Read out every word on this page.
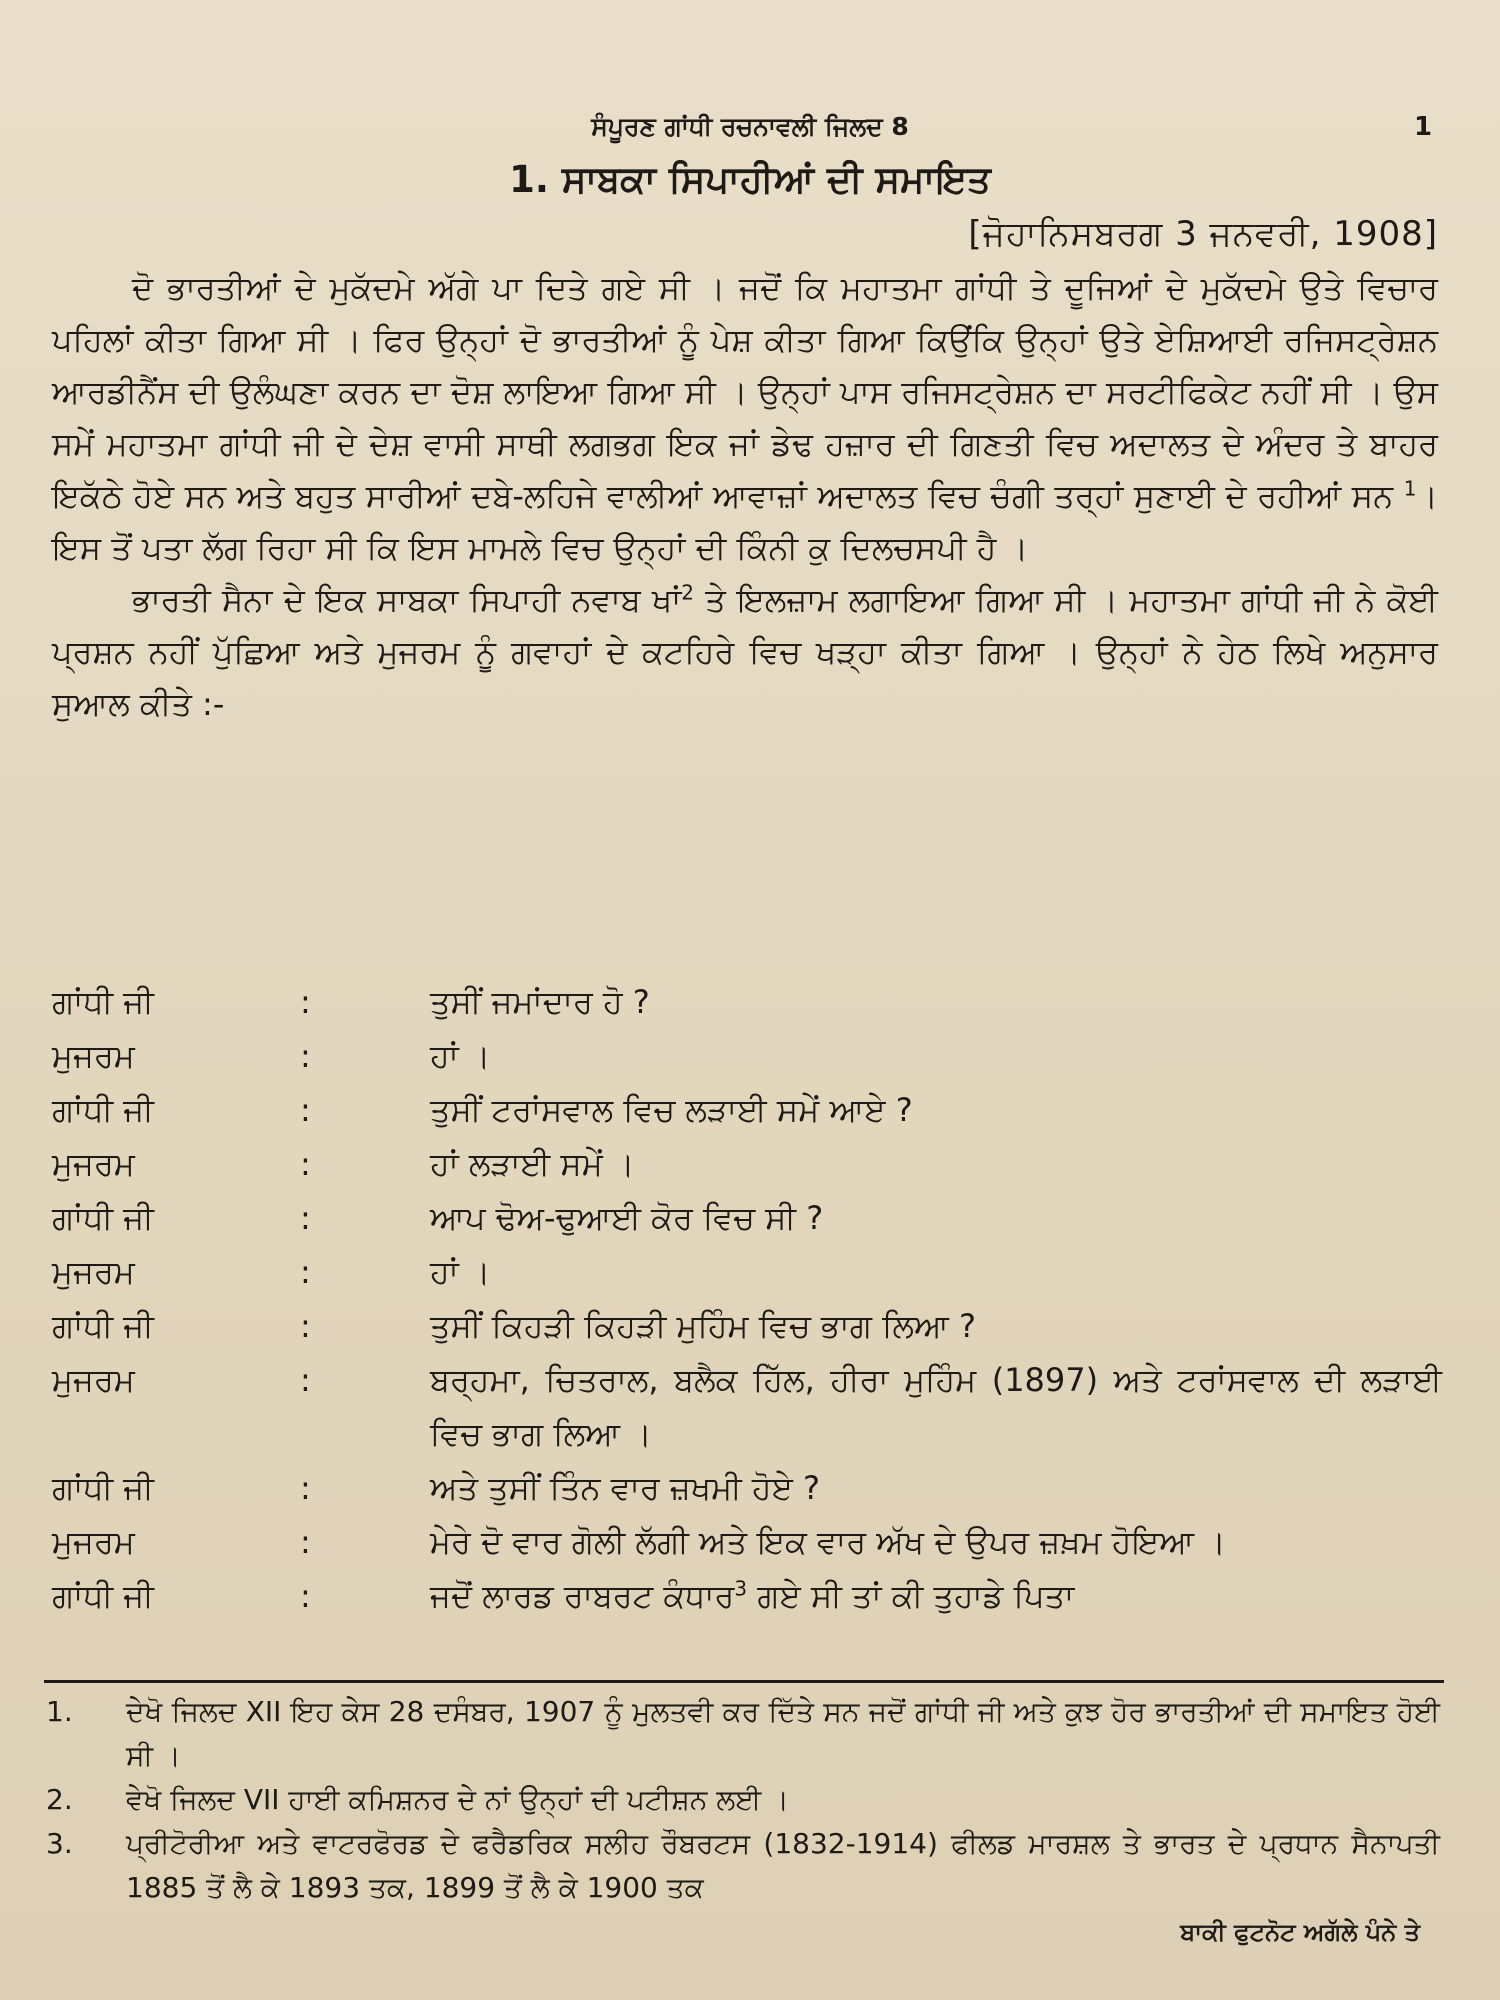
ਸੰਪੂਰਣ ਗਾਂਧੀ ਰਚਨਾਵਲੀ ਜਿਲਦ 8	1
1. ਸਾਬਕਾ ਸਿਪਾਹੀਆਂ ਦੀ ਸਮਾਇਤ
[ਜੋਹਾਨਿਸਬਰਗ 3 ਜਨਵਰੀ, 1908]

ਦੋ ਭਾਰਤੀਆਂ ਦੇ ਮੁਕੱਦਮੇ ਅੱਗੇ ਪਾ ਦਿਤੇ ਗਏ ਸੀ । ਜਦੋਂ ਕਿ ਮਹਾਤਮਾ ਗਾਂਧੀ ਤੇ ਦੂਜਿਆਂ ਦੇ ਮੁਕੱਦਮੇ ਉਤੇ ਵਿਚਾਰ ਪਹਿਲਾਂ ਕੀਤਾ ਗਿਆ ਸੀ । ਫਿਰ ਉਨ੍ਹਾਂ ਦੋ ਭਾਰਤੀਆਂ ਨੂੰ ਪੇਸ਼ ਕੀਤਾ ਗਿਆ ਕਿਉਂਕਿ ਉਨ੍ਹਾਂ ਉਤੇ ਏਸ਼ਿਆਈ ਰਜਿਸਟ੍ਰੇਸ਼ਨ ਆਰਡੀਨੈਂਸ ਦੀ ਉਲੰਘਣਾ ਕਰਨ ਦਾ ਦੋਸ਼ ਲਾਇਆ ਗਿਆ ਸੀ । ਉਨ੍ਹਾਂ ਪਾਸ ਰਜਿਸਟ੍ਰੇਸ਼ਨ ਦਾ ਸਰਟੀਫਿਕੇਟ ਨਹੀਂ ਸੀ । ਉਸ ਸਮੇਂ ਮਹਾਤਮਾ ਗਾਂਧੀ ਜੀ ਦੇ ਦੇਸ਼ ਵਾਸੀ ਸਾਥੀ ਲਗਭਗ ਇਕ ਜਾਂ ਡੇਢ ਹਜ਼ਾਰ ਦੀ ਗਿਣਤੀ ਵਿਚ ਅਦਾਲਤ ਦੇ ਅੰਦਰ ਤੇ ਬਾਹਰ ਇਕੱਠੇ ਹੋਏ ਸਨ ਅਤੇ ਬਹੁਤ ਸਾਰੀਆਂ ਦਬੇ-ਲਹਿਜੇ ਵਾਲੀਆਂ ਆਵਾਜ਼ਾਂ ਅਦਾਲਤ ਵਿਚ ਚੰਗੀ ਤਰ੍ਹਾਂ ਸੁਣਾਈ ਦੇ ਰਹੀਆਂ ਸਨ $^1$। ਇਸ ਤੋਂ ਪਤਾ ਲੱਗ ਰਿਹਾ ਸੀ ਕਿ ਇਸ ਮਾਮਲੇ ਵਿਚ ਉਨ੍ਹਾਂ ਦੀ ਕਿੰਨੀ ਕੁ ਦਿਲਚਸਪੀ ਹੈ ।

ਭਾਰਤੀ ਸੈਨਾ ਦੇ ਇਕ ਸਾਬਕਾ ਸਿਪਾਹੀ ਨਵਾਬ ਖਾਂ$^2$ ਤੇ ਇਲਜ਼ਾਮ ਲਗਾਇਆ ਗਿਆ ਸੀ । ਮਹਾਤਮਾ ਗਾਂਧੀ ਜੀ ਨੇ ਕੋਈ ਪ੍ਰਸ਼ਨ ਨਹੀਂ ਪੁੱਛਿਆ ਅਤੇ ਮੁਜਰਮ ਨੂੰ ਗਵਾਹਾਂ ਦੇ ਕਟਹਿਰੇ ਵਿਚ ਖੜ੍ਹਾ ਕੀਤਾ ਗਿਆ । ਉਨ੍ਹਾਂ ਨੇ ਹੇਠ ਲਿਖੇ ਅਨੁਸਾਰ ਸੁਆਲ ਕੀਤੇ :-

ਗਾਂਧੀ ਜੀ	:	ਤੁਸੀਂ ਜਮਾਂਦਾਰ ਹੋ ?
ਮੁਜਰਮ	:	ਹਾਂ ।
ਗਾਂਧੀ ਜੀ	:	ਤੁਸੀਂ ਟਰਾਂਸਵਾਲ ਵਿਚ ਲੜਾਈ ਸਮੇਂ ਆਏ ?
ਮੁਜਰਮ	:	ਹਾਂ ਲੜਾਈ ਸਮੇਂ ।
ਗਾਂਧੀ ਜੀ	:	ਆਪ ਢੋਅ-ਢੁਆਈ ਕੋਰ ਵਿਚ ਸੀ ?
ਮੁਜਰਮ	:	ਹਾਂ ।
ਗਾਂਧੀ ਜੀ	:	ਤੁਸੀਂ ਕਿਹੜੀ ਕਿਹੜੀ ਮੁਹਿੰਮ ਵਿਚ ਭਾਗ ਲਿਆ ?
ਮੁਜਰਮ	:	ਬਰ੍ਹਮਾ, ਚਿਤਰਾਲ, ਬਲੈਕ ਹਿੱਲ, ਹੀਰਾ ਮੁਹਿੰਮ (1897) ਅਤੇ ਟਰਾਂਸਵਾਲ ਦੀ ਲੜਾਈ ਵਿਚ ਭਾਗ ਲਿਆ ।
ਗਾਂਧੀ ਜੀ	:	ਅਤੇ ਤੁਸੀਂ ਤਿੰਨ ਵਾਰ ਜ਼ਖਮੀ ਹੋਏ ?
ਮੁਜਰਮ	:	ਮੇਰੇ ਦੋ ਵਾਰ ਗੋਲੀ ਲੱਗੀ ਅਤੇ ਇਕ ਵਾਰ ਅੱਖ ਦੇ ਉਪਰ ਜ਼ਖ਼ਮ ਹੋਇਆ ।
ਗਾਂਧੀ ਜੀ	:	ਜਦੋਂ ਲਾਰਡ ਰਾਬਰਟ ਕੰਧਾਰ$^3$ ਗਏ ਸੀ ਤਾਂ ਕੀ ਤੁਹਾਡੇ ਪਿਤਾ
1.	ਦੇਖੋ ਜਿਲਦ XII ਇਹ ਕੇਸ 28 ਦਸੰਬਰ, 1907 ਨੂੰ ਮੁਲਤਵੀ ਕਰ ਦਿੱਤੇ ਸਨ ਜਦੋਂ ਗਾਂਧੀ ਜੀ ਅਤੇ ਕੁਝ ਹੋਰ ਭਾਰਤੀਆਂ ਦੀ ਸਮਾਇਤ ਹੋਈ ਸੀ ।
2.	ਵੇਖੋ ਜਿਲਦ VII ਹਾਈ ਕਮਿਸ਼ਨਰ ਦੇ ਨਾਂ ਉਨ੍ਹਾਂ ਦੀ ਪਟੀਸ਼ਨ ਲਈ ।
3.	ਪ੍ਰੀਟੋਰੀਆ ਅਤੇ ਵਾਟਰਫੋਰਡ ਦੇ ਫਰੈਡਰਿਕ ਸਲੀਹ ਰੌਬਰਟਸ (1832-1914) ਫੀਲਡ ਮਾਰਸ਼ਲ ਤੇ ਭਾਰਤ ਦੇ ਪ੍ਰਧਾਨ ਸੈਨਾਪਤੀ 1885 ਤੋਂ ਲੈ ਕੇ 1893 ਤਕ, 1899 ਤੋਂ ਲੈ ਕੇ 1900 ਤਕ
ਬਾਕੀ ਫੁਟਨੋਟ ਅਗੱਲੇ ਪੰਨੇ ਤੇ
